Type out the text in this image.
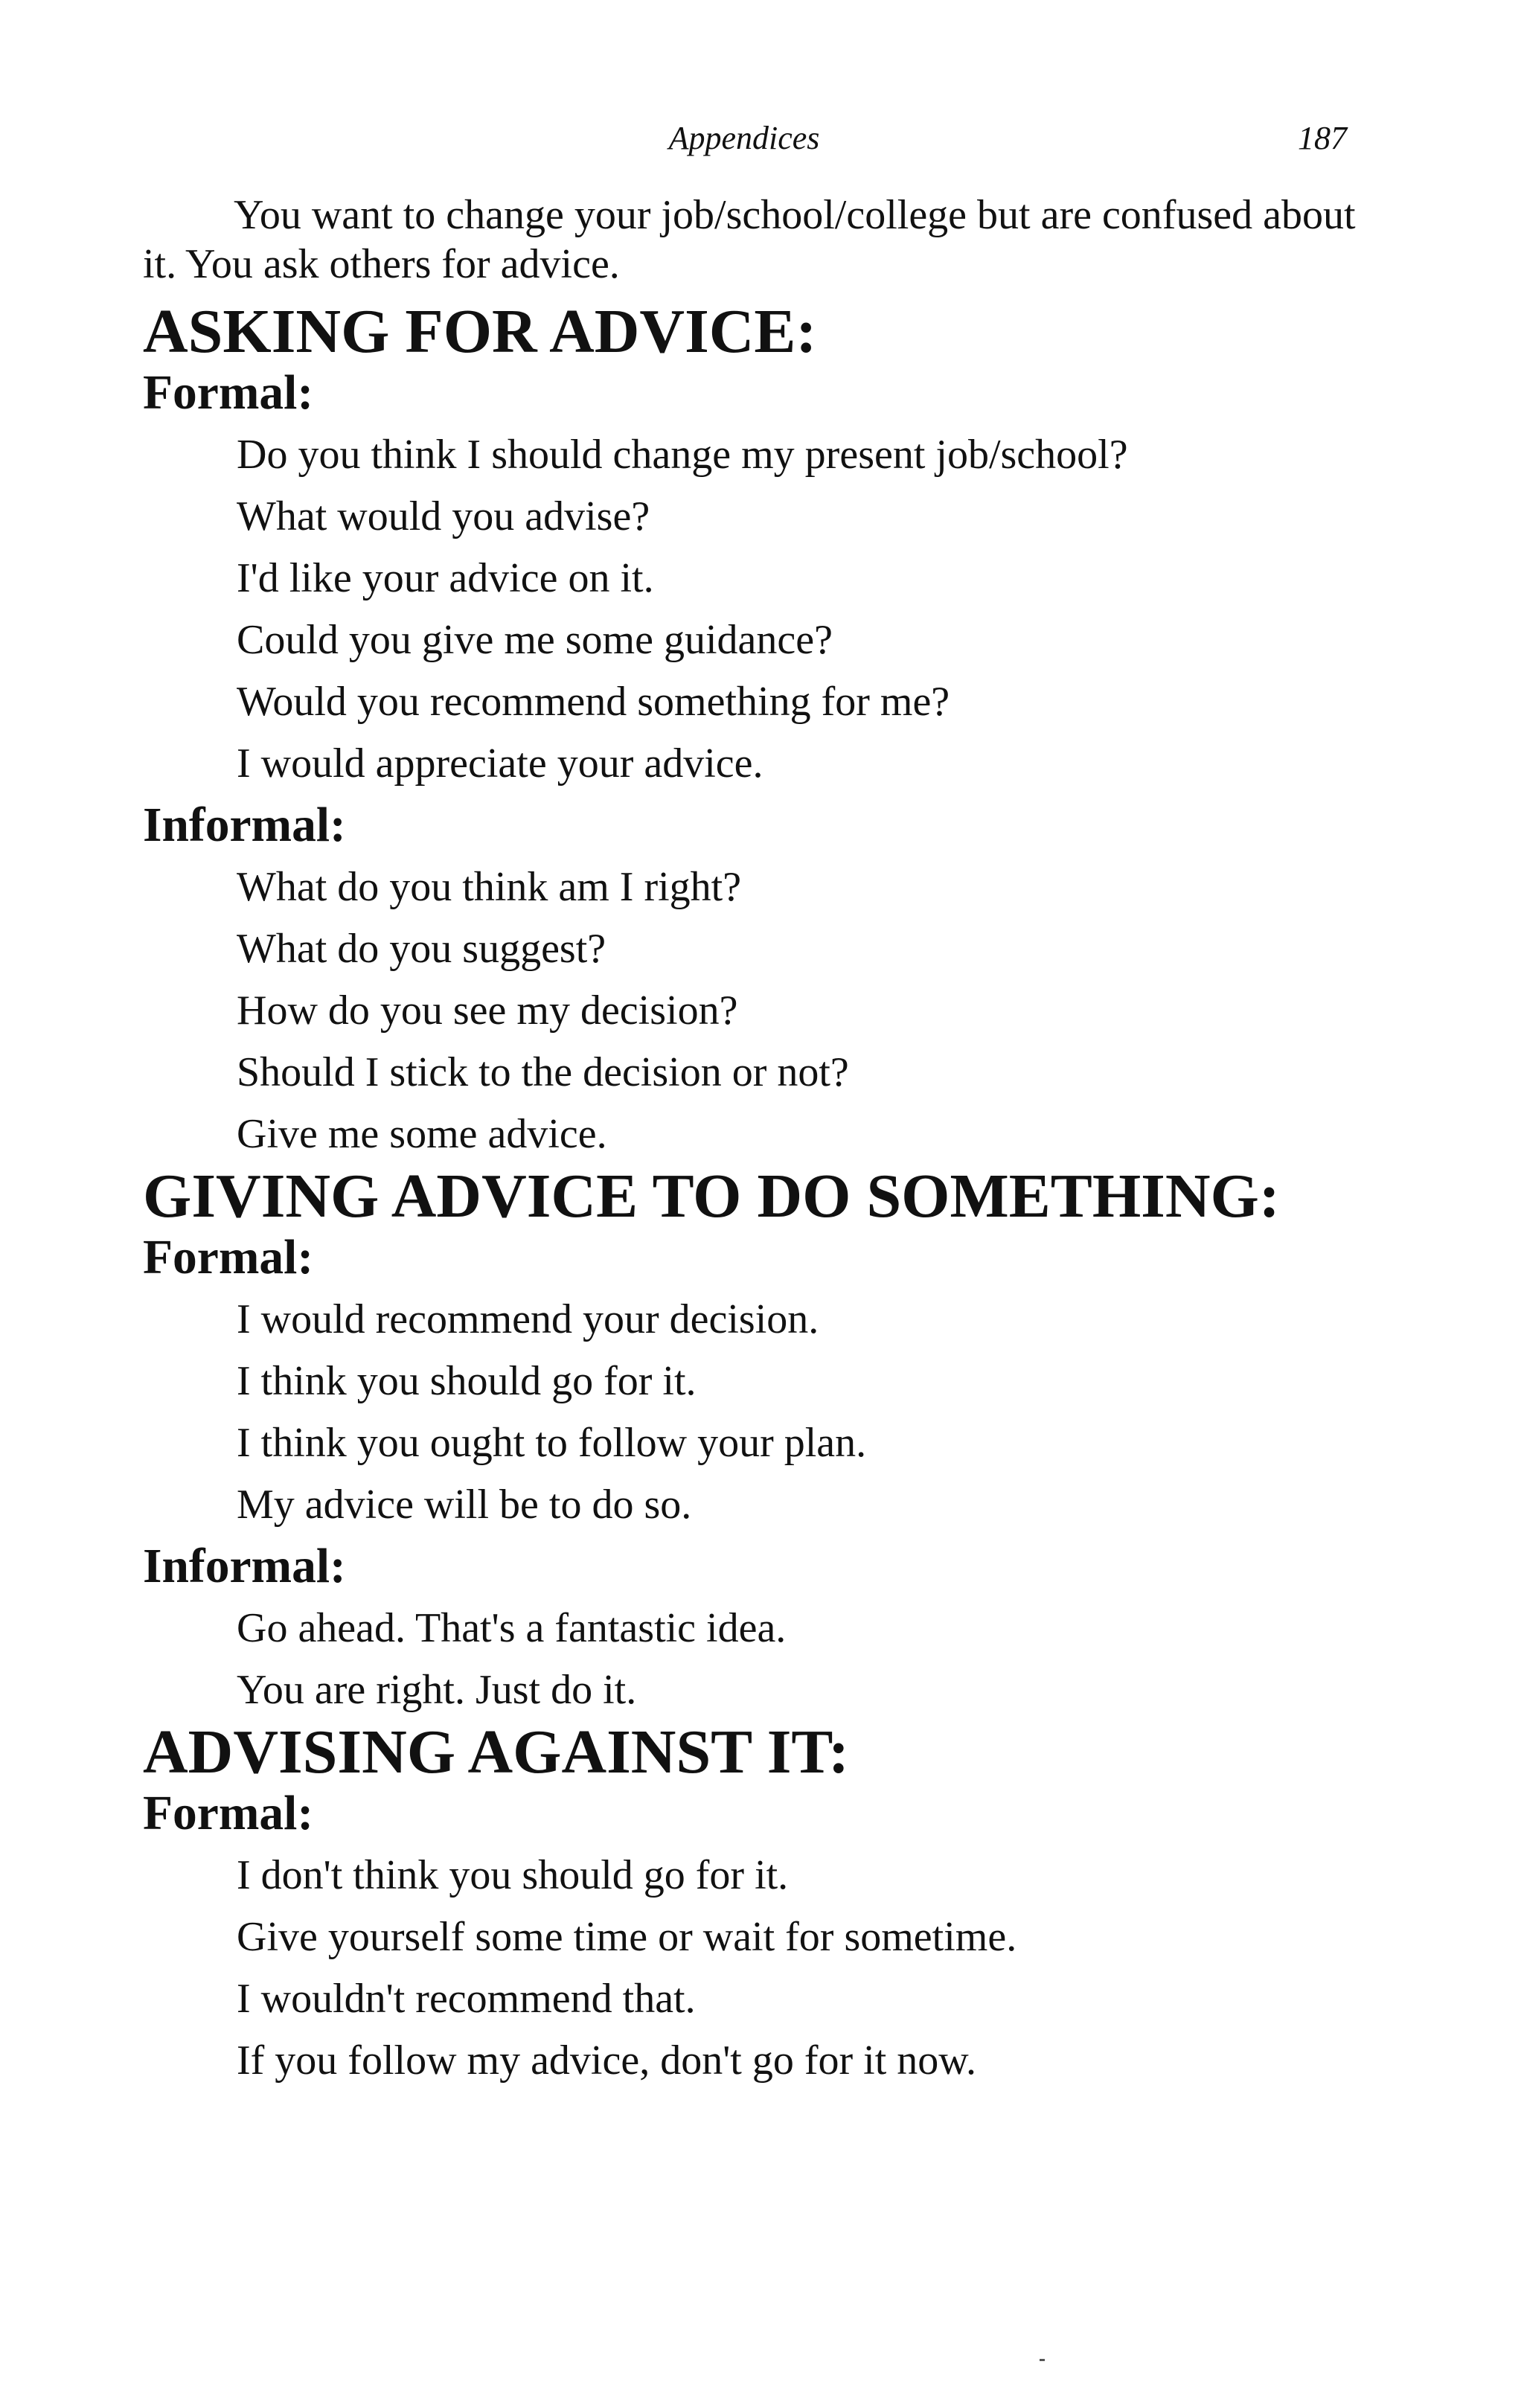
Appendices	187

You want to change your job/school/college but are confused about it. You ask others for advice.

ASKING FOR ADVICE:
Formal:
Do you think I should change my present job/school?
What would you advise?
I'd like your advice on it.
Could you give me some guidance?
Would you recommend something for me?
I would appreciate your advice.
Informal:
What do you think am I right?
What do you suggest?
How do you see my decision?
Should I stick to the decision or not?
Give me some advice.
GIVING ADVICE TO DO SOMETHING:
Formal:
I would recommend your decision.
I think you should go for it.
I think you ought to follow your plan.
My advice will be to do so.
Informal:
Go ahead. That's a fantastic idea.
You are right. Just do it.
ADVISING AGAINST IT:
Formal:
I don't think you should go for it.
Give yourself some time or wait for sometime.
I wouldn't recommend that.
If you follow my advice, don't go for it now.
